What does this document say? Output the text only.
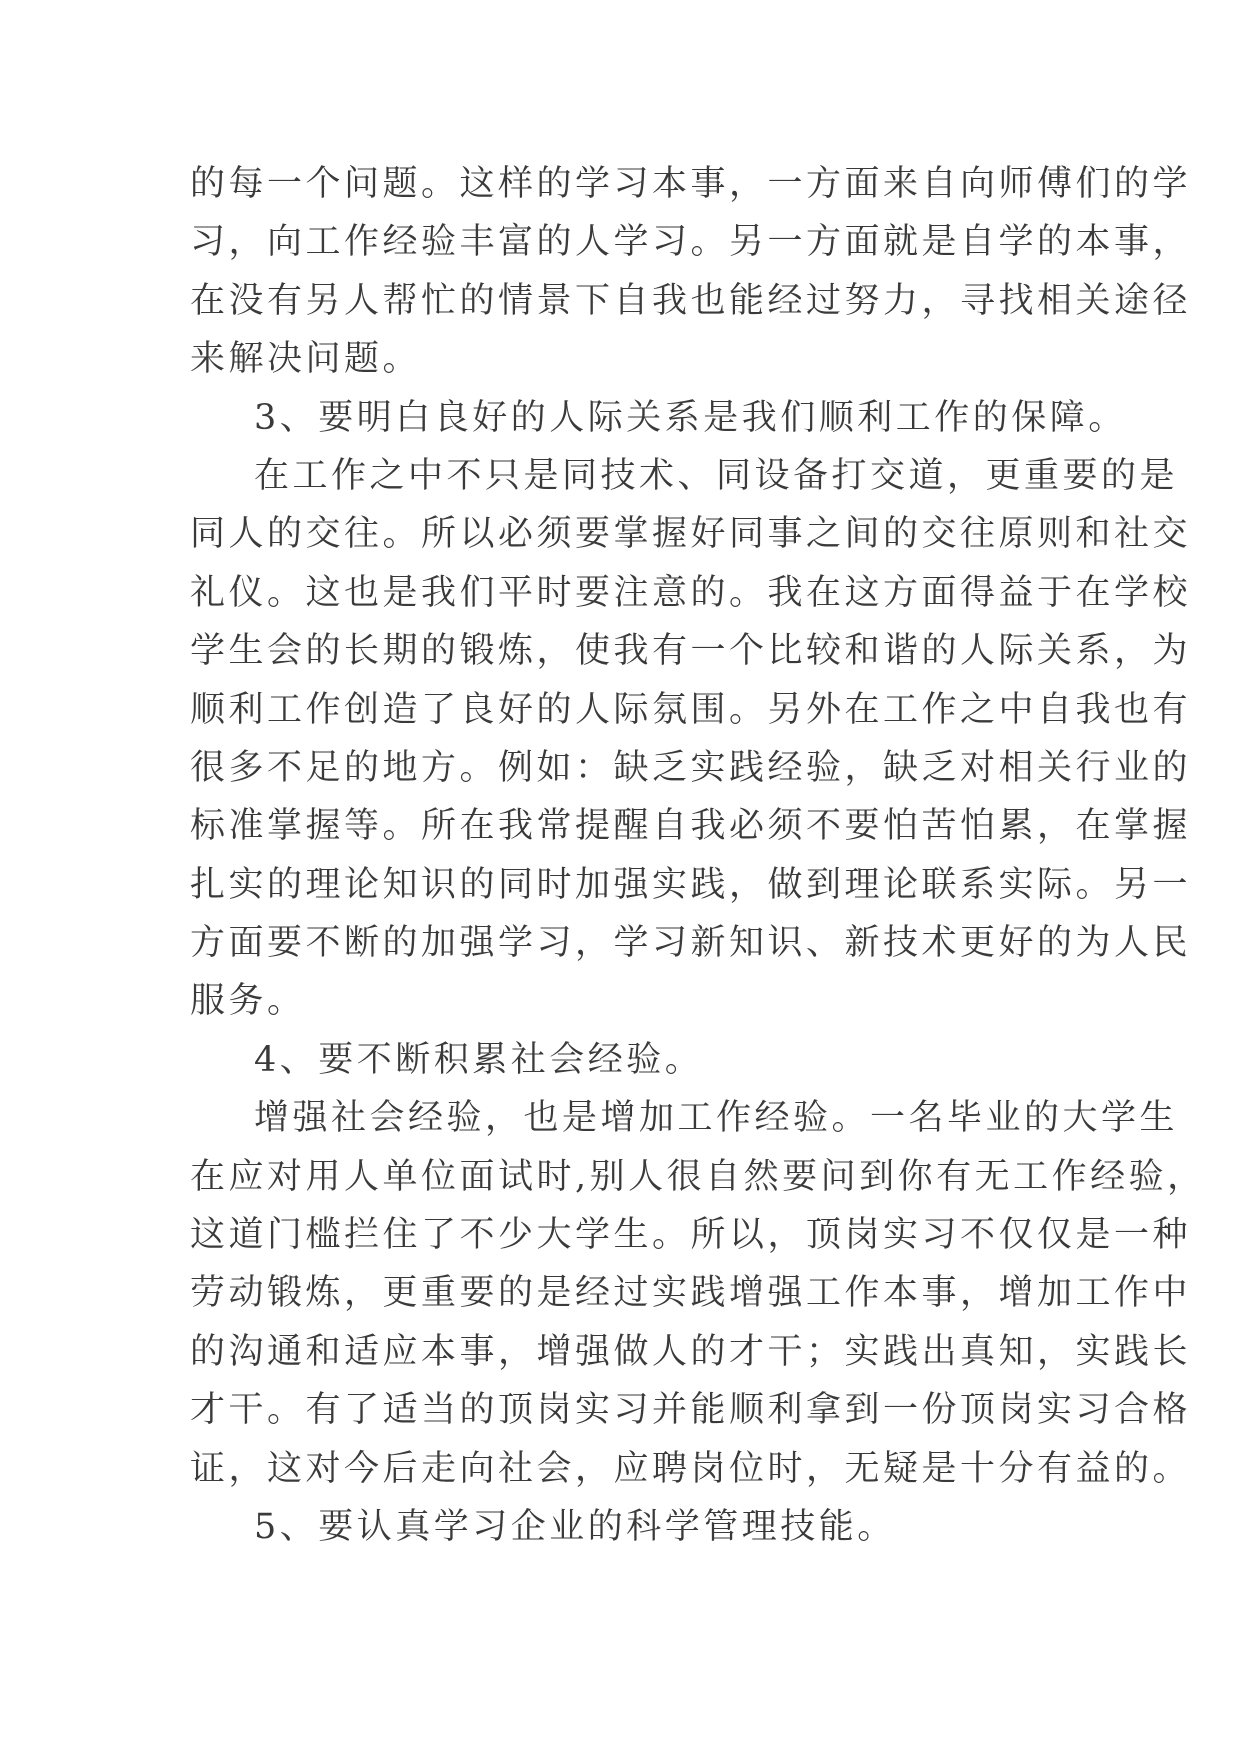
的每一个问题。这样的学习本事，一方面来自向师傅们的学
习，向工作经验丰富的人学习。另一方面就是自学的本事，
在没有另人帮忙的情景下自我也能经过努力，寻找相关途径
来解决问题。
3、要明白良好的人际关系是我们顺利工作的保障。
在工作之中不只是同技术、同设备打交道，更重要的是
同人的交往。所以必须要掌握好同事之间的交往原则和社交
礼仪。这也是我们平时要注意的。我在这方面得益于在学校
学生会的长期的锻炼，使我有一个比较和谐的人际关系，为
顺利工作创造了良好的人际氛围。另外在工作之中自我也有
很多不足的地方。例如：缺乏实践经验，缺乏对相关行业的
标准掌握等。所在我常提醒自我必须不要怕苦怕累，在掌握
扎实的理论知识的同时加强实践，做到理论联系实际。另一
方面要不断的加强学习，学习新知识、新技术更好的为人民
服务。
4、要不断积累社会经验。
增强社会经验，也是增加工作经验。一名毕业的大学生
在应对用人单位面试时,别人很自然要问到你有无工作经验，
这道门槛拦住了不少大学生。所以，顶岗实习不仅仅是一种
劳动锻炼，更重要的是经过实践增强工作本事，增加工作中
的沟通和适应本事，增强做人的才干；实践出真知，实践长
才干。有了适当的顶岗实习并能顺利拿到一份顶岗实习合格
证，这对今后走向社会，应聘岗位时，无疑是十分有益的。
5、要认真学习企业的科学管理技能。
